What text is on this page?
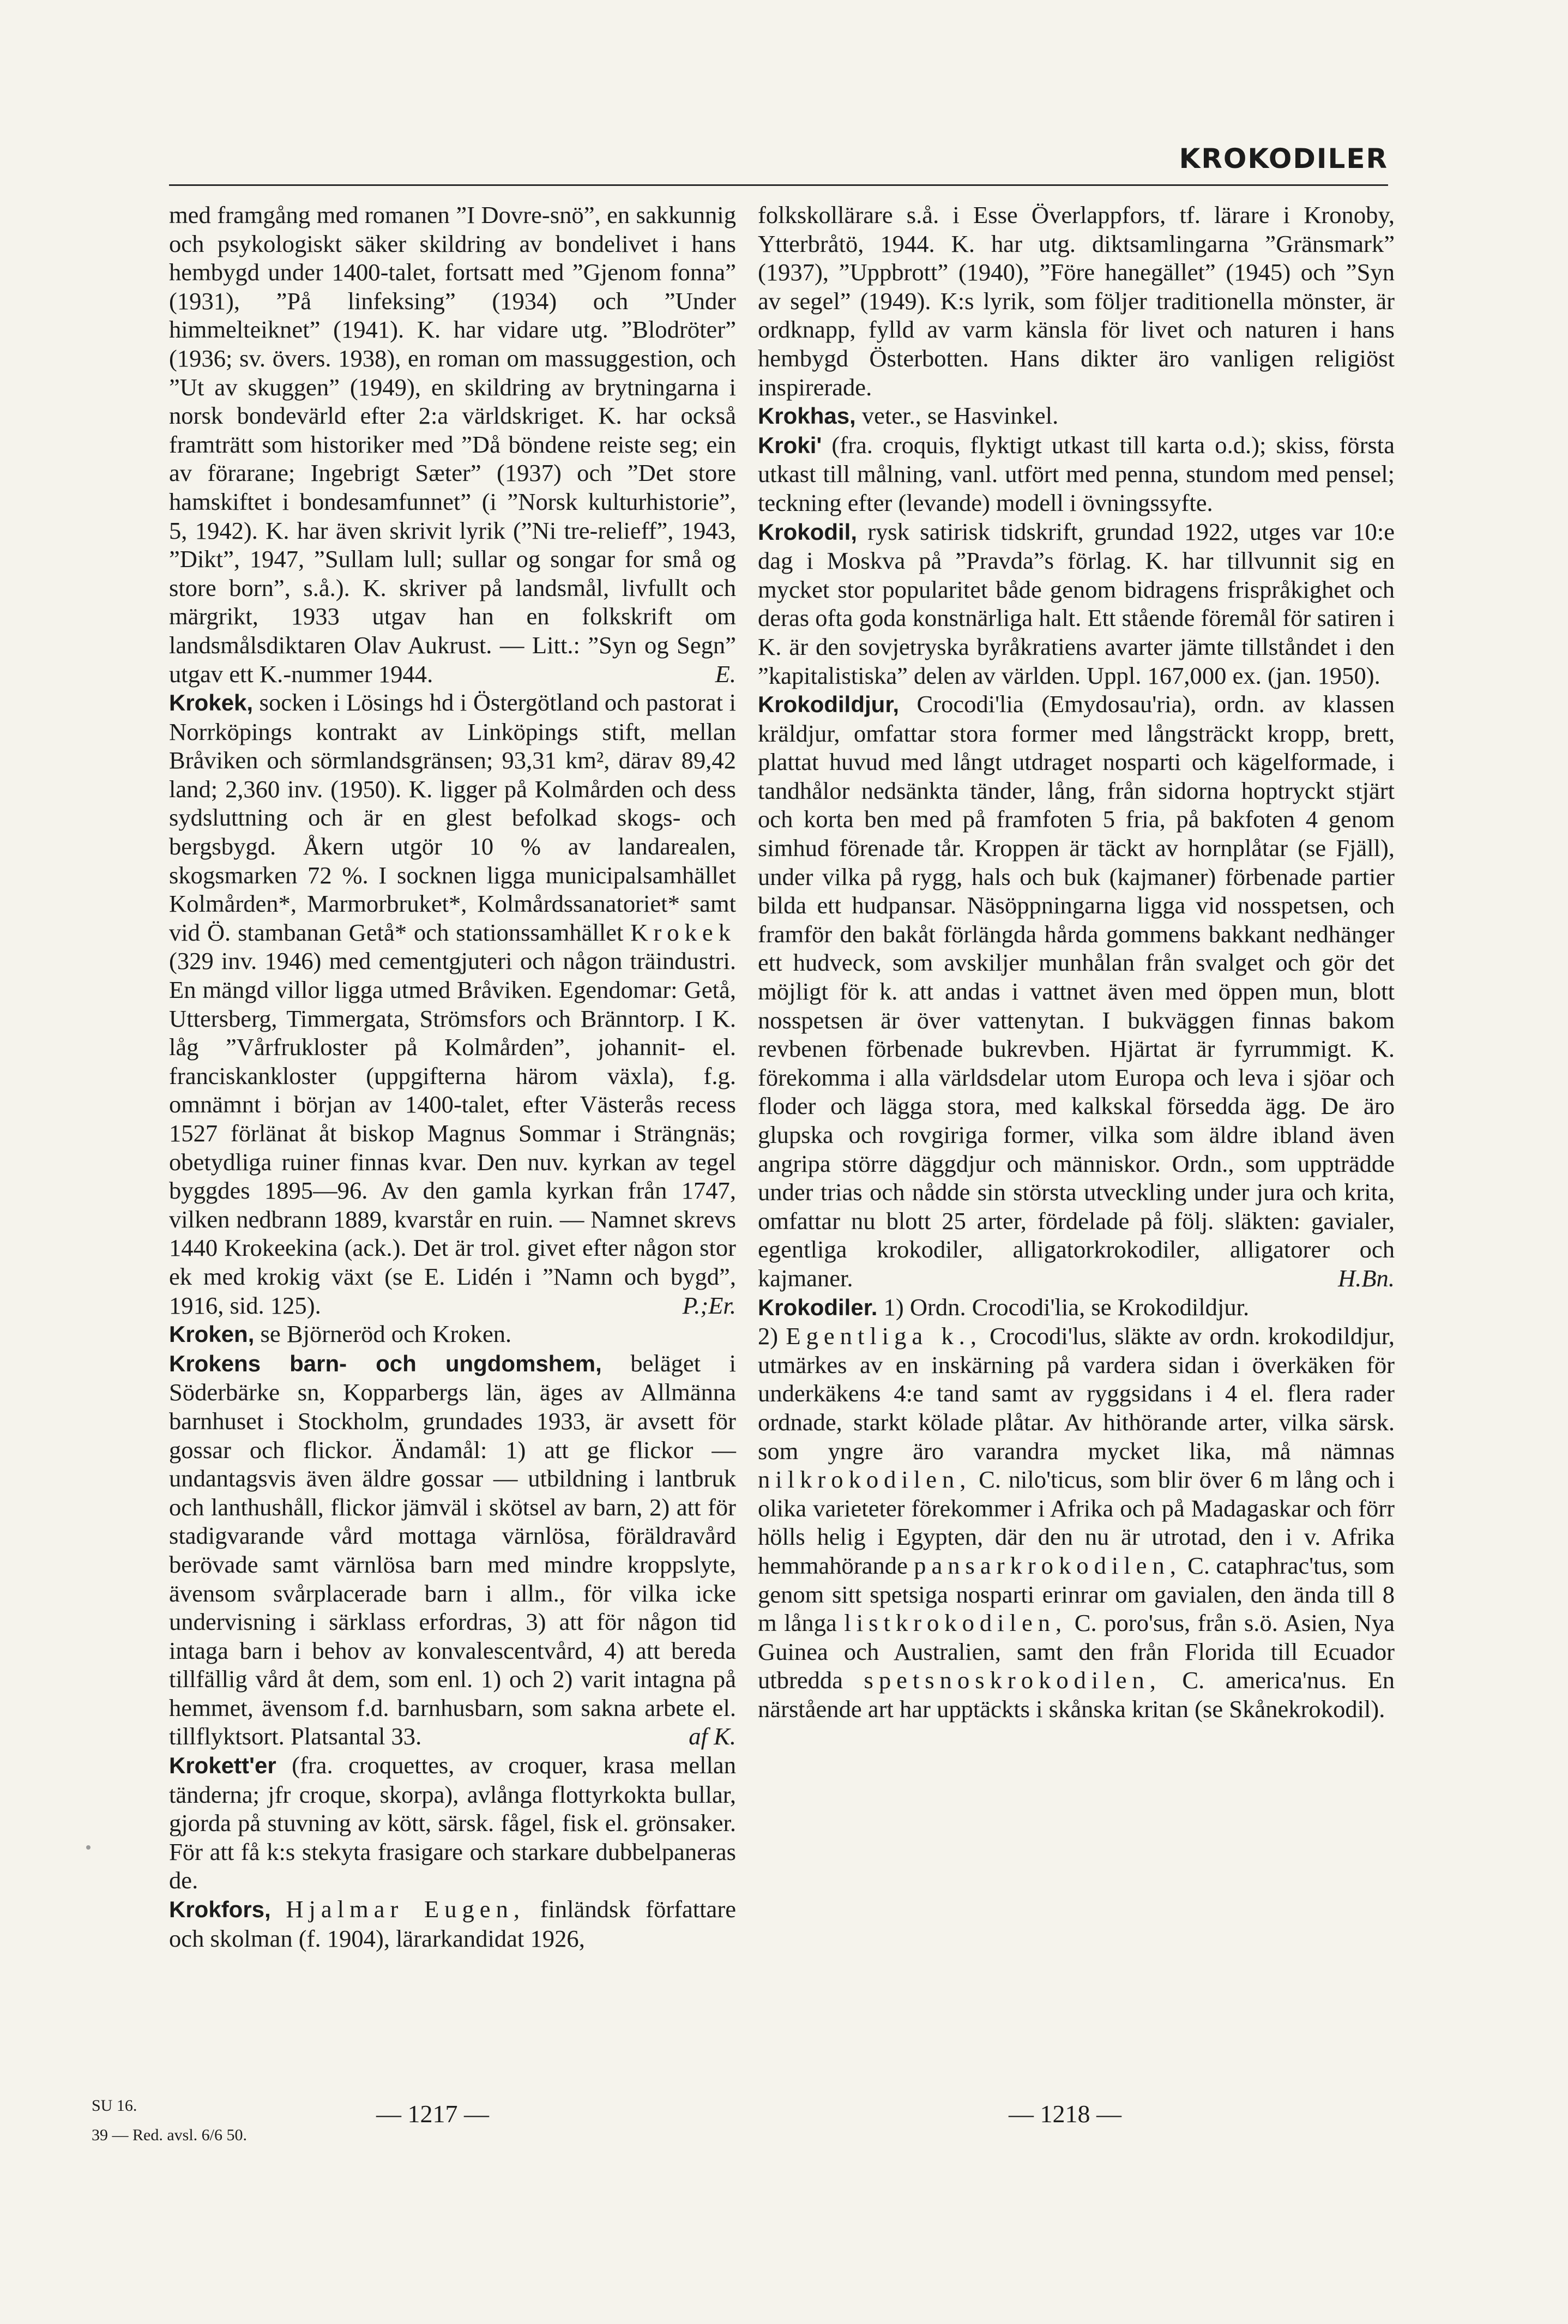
KROKODILER

med framgång med romanen ”I Dovre-snö”, en sakkunnig och psykologiskt säker skildring av bondelivet i hans hembygd under 1400-talet, fortsatt med ”Gjenom fonna” (1931), ”På linfeksing” (1934) och ”Under himmelteiknet” (1941). K. har vidare utg. ”Blodröter” (1936; sv. övers. 1938), en roman om massuggestion, och ”Ut av skuggen” (1949), en skildring av brytningarna i norsk bondevärld efter 2:a världskriget. K. har också framträtt som historiker med ”Då böndene reiste seg; ein av förarane; Ingebrigt Sæter” (1937) och ”Det store hamskiftet i bondesamfunnet” (i ”Norsk kulturhistorie”, 5, 1942). K. har även skrivit lyrik (”Ni tre-relieff”, 1943, ”Dikt”, 1947, ”Sullam lull; sullar og songar for små og store born”, s.å.). K. skriver på landsmål, livfullt och märgrikt, 1933 utgav han en folkskrift om landsmålsdiktaren Olav Aukrust. — Litt.: ”Syn og Segn” utgav ett K.-nummer 1944.	E.

Krokek, socken i Lösings hd i Östergötland och pastorat i Norrköpings kontrakt av Linköpings stift, mellan Bråviken och sörmlandsgränsen; 93,31 km², därav 89,42 land; 2,360 inv. (1950). K. ligger på Kolmården och dess sydsluttning och är en glest befolkad skogs- och bergsbygd. Åkern utgör 10 % av landarealen, skogsmarken 72 %. I socknen ligga municipalsamhället Kolmården*, Marmorbruket*, Kolmårdssanatoriet* samt vid Ö. stambanan Getå* och stationssamhället Krokek (329 inv. 1946) med cementgjuteri och någon träindustri. En mängd villor ligga utmed Bråviken. Egendomar: Getå, Uttersberg, Timmergata, Strömsfors och Bränntorp. I K. låg ”Vårfrukloster på Kolmården”, johannit- el. franciskankloster (uppgifterna härom växla), f.g. omnämnt i början av 1400-talet, efter Västerås recess 1527 förlänat åt biskop Magnus Sommar i Strängnäs; obetydliga ruiner finnas kvar. Den nuv. kyrkan av tegel byggdes 1895—96. Av den gamla kyrkan från 1747, vilken nedbrann 1889, kvarstår en ruin. — Namnet skrevs 1440 Krokeekina (ack.). Det är trol. givet efter någon stor ek med krokig växt (se E. Lidén i ”Namn och bygd”, 1916, sid. 125).	P.;Er.

Kroken, se Björneröd och Kroken.

Krokens barn- och ungdomshem, beläget i Söderbärke sn, Kopparbergs län, äges av Allmänna barnhuset i Stockholm, grundades 1933, är avsett för gossar och flickor. Ändamål: 1) att ge flickor — undantagsvis även äldre gossar — utbildning i lantbruk och lanthushåll, flickor jämväl i skötsel av barn, 2) att för stadigvarande vård mottaga värnlösa, föräldravård berövade samt värnlösa barn med mindre kroppslyte, ävensom svårplacerade barn i allm., för vilka icke undervisning i särklass erfordras, 3) att för någon tid intaga barn i behov av konvalescentvård, 4) att bereda tillfällig vård åt dem, som enl. 1) och 2) varit intagna på hemmet, ävensom f.d. barnhusbarn, som sakna arbete el. tillflyktsort. Platsantal 33.	af K.

Krokett'er (fra. croquettes, av croquer, krasa mellan tänderna; jfr croque, skorpa), avlånga flottyrkokta bullar, gjorda på stuvning av kött, särsk. fågel, fisk el. grönsaker. För att få k:s stekyta frasigare och starkare dubbelpaneras de.

Krokfors, Hjalmar Eugen, finländsk författare och skolman (f. 1904), lärarkandidat 1926,

folkskollärare s.å. i Esse Överlappfors, tf. lärare i Kronoby, Ytterbråtö, 1944. K. har utg. diktsamlingarna ”Gränsmark” (1937), ”Uppbrott” (1940), ”Före hanegället” (1945) och ”Syn av segel” (1949). K:s lyrik, som följer traditionella mönster, är ordknapp, fylld av varm känsla för livet och naturen i hans hembygd Österbotten. Hans dikter äro vanligen religiöst inspirerade.

Krokhas, veter., se Hasvinkel.

Kroki' (fra. croquis, flyktigt utkast till karta o.d.); skiss, första utkast till målning, vanl. utfört med penna, stundom med pensel; teckning efter (levande) modell i övningssyfte.

Krokodil, rysk satirisk tidskrift, grundad 1922, utges var 10:e dag i Moskva på ”Pravda”s förlag. K. har tillvunnit sig en mycket stor popularitet både genom bidragens frispråkighet och deras ofta goda konstnärliga halt. Ett stående föremål för satiren i K. är den sovjetryska byråkratiens avarter jämte tillståndet i den ”kapitalistiska” delen av världen. Uppl. 167,000 ex. (jan. 1950).

Krokodildjur, Crocodi'lia (Emydosau'ria), ordn. av klassen kräldjur, omfattar stora former med långsträckt kropp, brett, plattat huvud med långt utdraget nosparti och kägelformade, i tandhålor nedsänkta tänder, lång, från sidorna hoptryckt stjärt och korta ben med på framfoten 5 fria, på bakfoten 4 genom simhud förenade tår. Kroppen är täckt av hornplåtar (se Fjäll), under vilka på rygg, hals och buk (kajmaner) förbenade partier bilda ett hudpansar. Näsöppningarna ligga vid nosspetsen, och framför den bakåt förlängda hårda gommens bakkant nedhänger ett hudveck, som avskiljer munhålan från svalget och gör det möjligt för k. att andas i vattnet även med öppen mun, blott nosspetsen är över vattenytan. I bukväggen finnas bakom revbenen förbenade bukrevben. Hjärtat är fyrrummigt. K. förekomma i alla världsdelar utom Europa och leva i sjöar och floder och lägga stora, med kalkskal försedda ägg. De äro glupska och rovgiriga former, vilka som äldre ibland även angripa större däggdjur och människor. Ordn., som uppträdde under trias och nådde sin största utveckling under jura och krita, omfattar nu blott 25 arter, fördelade på följ. släkten: gavialer, egentliga krokodiler, alligatorkrokodiler, alligatorer och kajmaner.	H.Bn.

Krokodiler. 1) Ordn. Crocodi'lia, se Krokodildjur.

2) Egentliga k., Crocodi'lus, släkte av ordn. krokodildjur, utmärkes av en inskärning på vardera sidan i överkäken för underkäkens 4:e tand samt av ryggsidans i 4 el. flera rader ordnade, starkt kölade plåtar. Av hithörande arter, vilka särsk. som yngre äro varandra mycket lika, må nämnas nilkrokodilen, C. nilo'ticus, som blir över 6 m lång och i olika varieteter förekommer i Afrika och på Madagaskar och förr hölls helig i Egypten, där den nu är utrotad, den i v. Afrika hemmahörande pansarkrokodilen, C. cataphrac'tus, som genom sitt spetsiga nosparti erinrar om gavialen, den ända till 8 m långa listkrokodilen, C. poro'sus, från s.ö. Asien, Nya Guinea och Australien, samt den från Florida till Ecuador utbredda spetsnoskrokodilen, C. america'nus. En närstående art har upptäckts i skånska kritan (se Skånekrokodil).

SU 16.
39 — Red. avsl. 6/6 50.
— 1217 —	— 1218 —
